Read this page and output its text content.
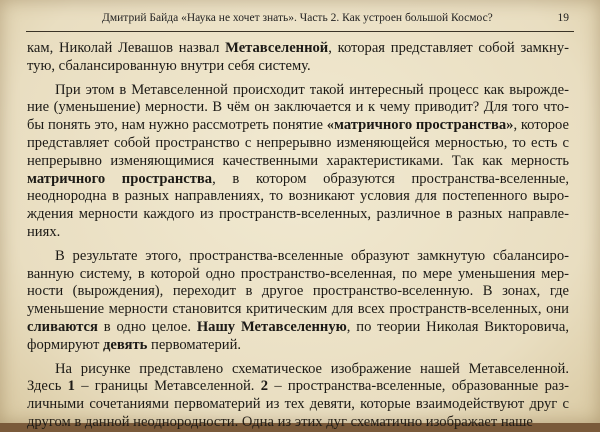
Дмитрий Байда «Наука не хочет знать». Часть 2. Как устроен большой Космос?	19

кам, Николай Левашов назвал Метавселенной, которая представляет собой замкнутую, сбалансированную внутри себя систему.

При этом в Метавселенной происходит такой интересный процесс как вырождение (уменьшение) мерности. В чём он заключается и к чему приводит? Для того чтобы понять это, нам нужно рассмотреть понятие «матричного пространства», которое представляет собой пространство с непрерывно изменяющейся мерностью, то есть с непрерывно изменяющимися качественными характеристиками. Так как мерность матричного пространства, в котором образуются пространства-вселенные, неоднородна в разных направлениях, то возникают условия для постепенного вырождения мерности каждого из пространств-вселенных, различное в разных направлениях.

В результате этого, пространства-вселенные образуют замкнутую сбалансированную систему, в которой одно пространство-вселенная, по мере уменьшения мерности (вырождения), переходит в другое пространство-вселенную. В зонах, где уменьшение мерности становится критическим для всех пространств-вселенных, они сливаются в одно целое. Нашу Метавселенную, по теории Николая Викторовича, формируют девять первоматерий.

На рисунке представлено схематическое изображение нашей Метавселенной. Здесь 1 – границы Метавселенной. 2 – пространства-вселенные, образованные различными сочетаниями первоматерий из тех девяти, которые взаимодействуют друг с другом в данной неоднородности. Одна из этих дуг схематично изображает наше
